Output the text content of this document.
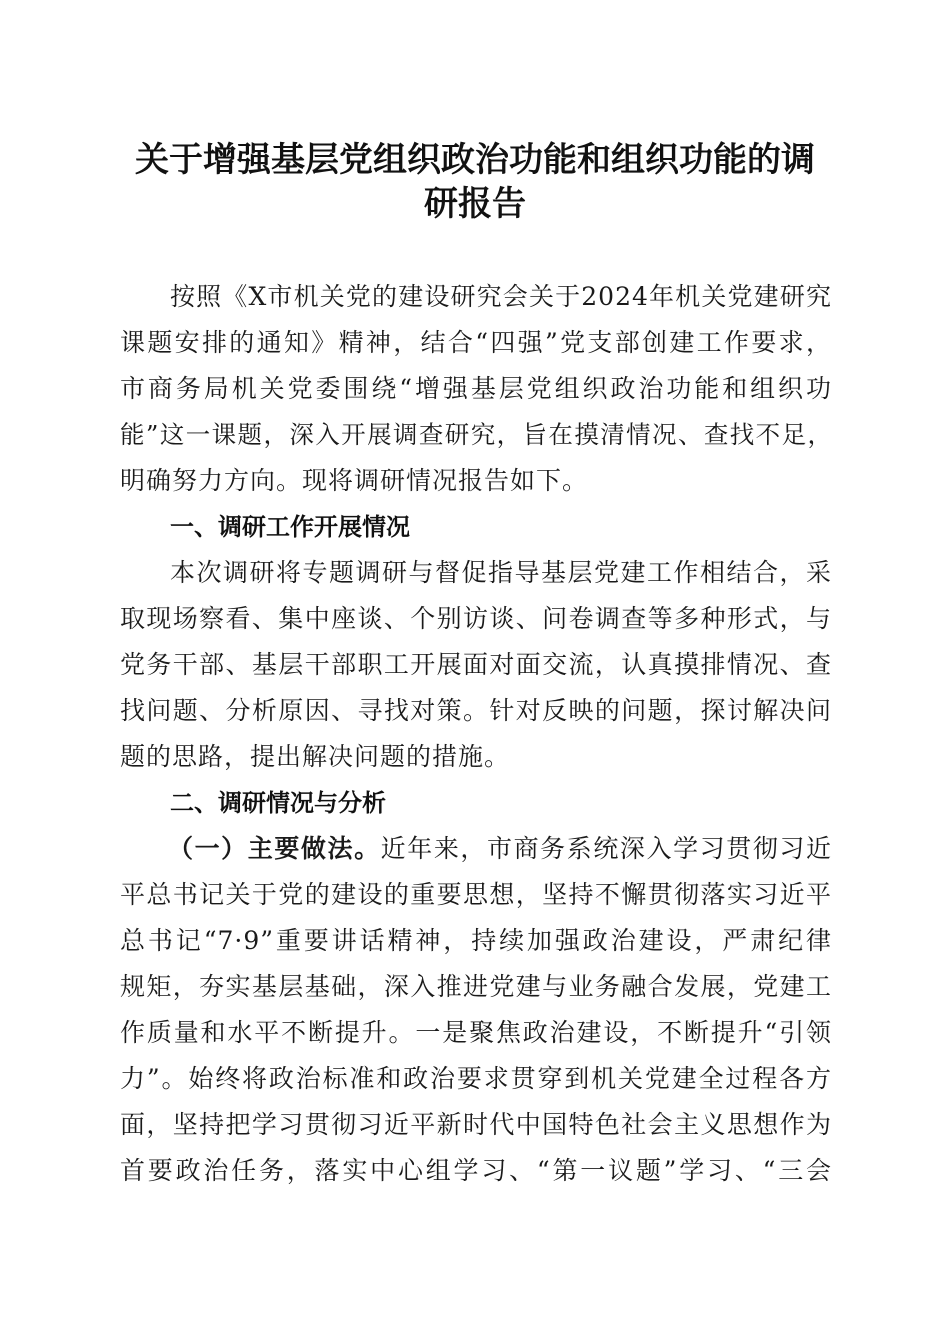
关于增强基层党组织政治功能和组织功能的调
研报告
按照《X市机关党的建设研究会关于2024年机关党建研究
课题安排的通知》精神，结合“四强”党支部创建工作要求，
市商务局机关党委围绕“增强基层党组织政治功能和组织功
能”这一课题，深入开展调查研究，旨在摸清情况、查找不足，
明确努力方向。现将调研情况报告如下。
一、调研工作开展情况
本次调研将专题调研与督促指导基层党建工作相结合，采
取现场察看、集中座谈、个别访谈、问卷调查等多种形式，与
党务干部、基层干部职工开展面对面交流，认真摸排情况、查
找问题、分析原因、寻找对策。针对反映的问题，探讨解决问
题的思路，提出解决问题的措施。
二、调研情况与分析
（一）主要做法。近年来，市商务系统深入学习贯彻习近
平总书记关于党的建设的重要思想，坚持不懈贯彻落实习近平
总书记“7·9”重要讲话精神，持续加强政治建设，严肃纪律
规矩，夯实基层基础，深入推进党建与业务融合发展，党建工
作质量和水平不断提升。一是聚焦政治建设，不断提升“引领
力”。始终将政治标准和政治要求贯穿到机关党建全过程各方
面，坚持把学习贯彻习近平新时代中国特色社会主义思想作为
首要政治任务，落实中心组学习、“第一议题”学习、“三会
